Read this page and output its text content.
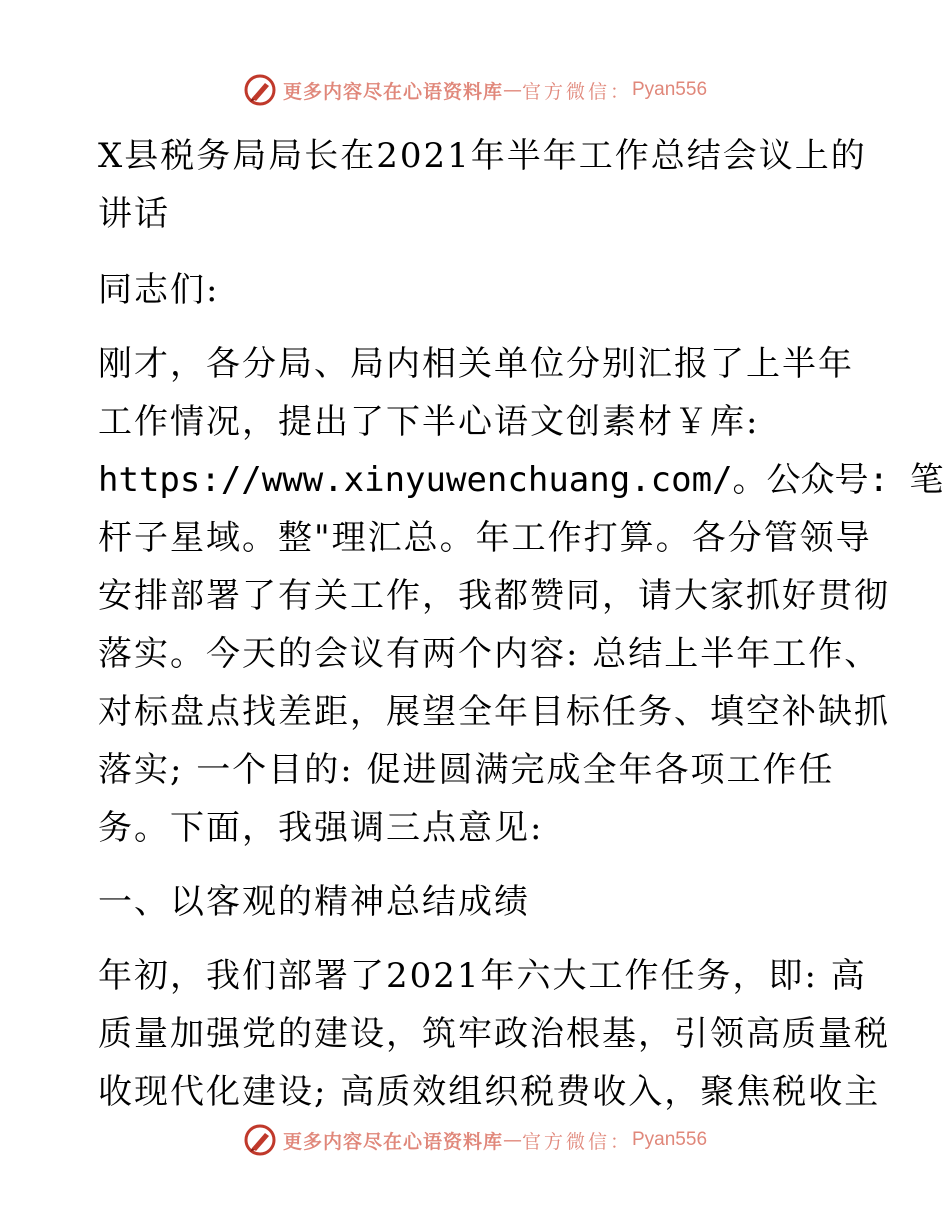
更多内容尽在心语资料库 — 官方微信： Pyan556
X县税务局局长在2021年半年工作总结会议上的
讲话
同志们:
刚才，各分局、局内相关单位分别汇报了上半年
工作情况，提出了下半心语文创素材￥库:
https://www.xinyuwenchuang.com/。公众号: 笔
杆子星域。整"理汇总。年工作打算。各分管领导
安排部署了有关工作，我都赞同，请大家抓好贯彻
落实。今天的会议有两个内容: 总结上半年工作、
对标盘点找差距，展望全年目标任务、填空补缺抓
落实; 一个目的: 促进圆满完成全年各项工作任
务。下面，我强调三点意见:
一、以客观的精神总结成绩
年初，我们部署了2021年六大工作任务，即: 高
质量加强党的建设，筑牢政治根基，引领高质量税
收现代化建设; 高质效组织税费收入，聚焦税收主
更多内容尽在心语资料库 — 官方微信： Pyan556
